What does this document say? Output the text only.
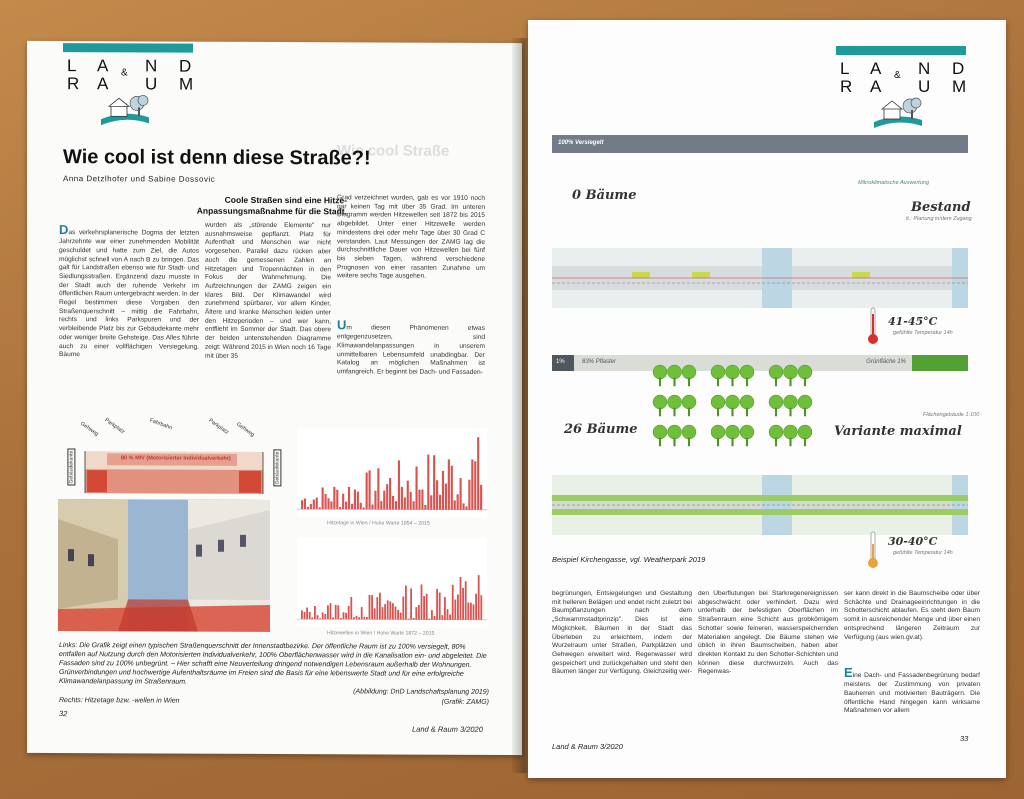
L A N D
&
R A U M
Wie cool Straße
Wie cool ist denn diese Straße?!
Anna Detzlhofer und Sabine Dossovic
Coole Straßen sind eine Hitze-Anpassungsmaßnahme für die Stadt.
Das verkehrsplanerische Dogma der letzten Jahrzehnte war einer zunehmenden Mobilität geschuldet und hatte zum Ziel, die Autos möglichst schnell von A nach B zu bringen. Das galt für Landstraßen ebenso wie für Stadt- und Siedlungsstraßen. Ergänzend dazu musste in der Stadt auch der ruhende Verkehr im öffentlichen Raum untergebracht werden. In der Regel bestimmen diese Vorgaben den Straßenquerschnitt – mittig die Fahrbahn, rechts und links Parkspuren und der verbleibende Platz bis zur Gebäudekante mehr oder weniger breite Gehsteige. Das Alles führte auch zu einer vollflächigen Versiegelung. Bäume
wurden als „störende Elemente" nur ausnahmsweise gepflanzt. Platz für Aufenthalt und Menschen war nicht vorgesehen. Parallel dazu rücken aber auch die gemessenen Zahlen an Hitzetagen und Tropennächten in den Fokus der Wahrnehmung. Die Aufzeichnungen der ZAMG zeigen ein klares Bild. Der Klimawandel wird zunehmend spürbarer, vor allem Kinder, Ältere und kranke Menschen leiden unter den Hitzeperioden – und wer kann, entflieht im Sommer der Stadt. Das obere der beiden untenstehenden Diagramme zeigt: Während 2015 in Wien noch 16 Tage mit über 35
Grad verzeichnet wurden, gab es vor 1910 noch gar keinen Tag mit über 35 Grad. Im unteren Diagramm werden Hitzewellen seit 1872 bis 2015 abgebildet. Unter einer Hitzewelle werden mindestens drei oder mehr Tage über 30 Grad C verstanden. Laut Messungen der ZAMG lag die durchschnittliche Dauer von Hitzewellen bei fünf bis sieben Tagen, während verschiedene Prognosen von einer rasanten Zunahme um weitere sechs Tage ausgehen.
Um diesen Phänomenen etwas entgegenzusetzen, sind Klimawandelanpassungen in unserem unmittelbaren Lebensumfeld unabdingbar. Der Katalog an möglichen Maßnahmen ist umfangreich. Er beginnt bei Dach- und Fassaden-
Gehweg Parkplatz	Fahrbahn	Parkplatz Gehweg
80 % MIV (Motorisierter Individualverkehr)
Gebäudekante	Gebäudekante
Hitzetage in Wien / Hohe Warte 1954 – 2015
Hitzewellen in Wien / Hohe Warte 1872 – 2015
Links: Die Grafik zeigt einen typischen Straßenquerschnitt der Innenstadtbezirke. Der öffentliche Raum ist zu 100% versiegelt, 80% entfallen auf Nutzung durch den Motorisierten Individualverkehr, 100% Oberflächenwasser wird in die Kanalisation ein- und abgeleitet. Die Fassaden sind zu 100% unbegrünt. – Hier schafft eine Neuverteilung dringend notwendigen Lebensraum außerhalb der Wohnungen. Grünverbindungen und hochwertige Aufenthaltsräume im Freien sind die Basis für eine lebenswerte Stadt und für eine erfolgreiche Klimawandelanpassung im Straßenraum.
(Abbildung: DnD Landschaftsplanung 2019)
Rechts: Hitzetage bzw. -wellen in Wien	(Grafik: ZAMG)
32
Land & Raum 3/2020
L A N D
&
R A U M
100% Versiegelt
Mikroklimatische Auswertung
0 Bäume
Bestand
lt.: Planung in/dem Zugang
41-45°C
gefühlte Temperatur 14h
1%	83% Pflaster	Grünfläche 1%
26 Bäume
Flächengebäude 1:100
Variante maximal
30-40°C
gefühlte Temperatur 14h
Beispiel Kirchengasse, vgl. Weatherpark 2019
begrünungen, Entsiegelungen und Gestaltung mit helleren Belägen und endet nicht zuletzt bei Baumpflanzungen nach dem „Schwammstadtprinzip". Dies ist eine Möglichkeit, Bäumen in der Stadt das Überleben zu erleichtern, indem der Wurzelraum unter Straßen, Parkplätzen und Gehwegen erweitert wird. Regenwasser wird gespeichert und zurückgehalten und steht den Bäumen länger zur Verfügung. Gleichzeitig wer-
den Überflutungen bei Starkregenereignissen abgeschwächt oder verhindert. Dazu wird unterhalb der befestigten Oberflächen im Straßenraum eine Schicht aus grobkörnigem Schotter sowie feineren, wasserspeichernden Materialien angelegt. Die Bäume stehen wie üblich in ihren Baumscheiben, haben aber direkten Kontakt zu den Schotter-Schichten und können diese durchwurzeln. Auch das Regenwas-
ser kann direkt in die Baumscheibe oder über Schächte und Drainageeinrichtungen in die Schotterschicht ablaufen. Es steht dem Baum somit in ausreichender Menge und über einen entsprechend längeren Zeitraum zur Verfügung (aus wien.gv.at).
Eine Dach- und Fassadenbegrünung bedarf meistens der Zustimmung von privaten Bauherren und motivierten Bauträgern. Die öffentliche Hand hingegen kann wirksame Maßnahmen vor allem
Land & Raum 3/2020
33
